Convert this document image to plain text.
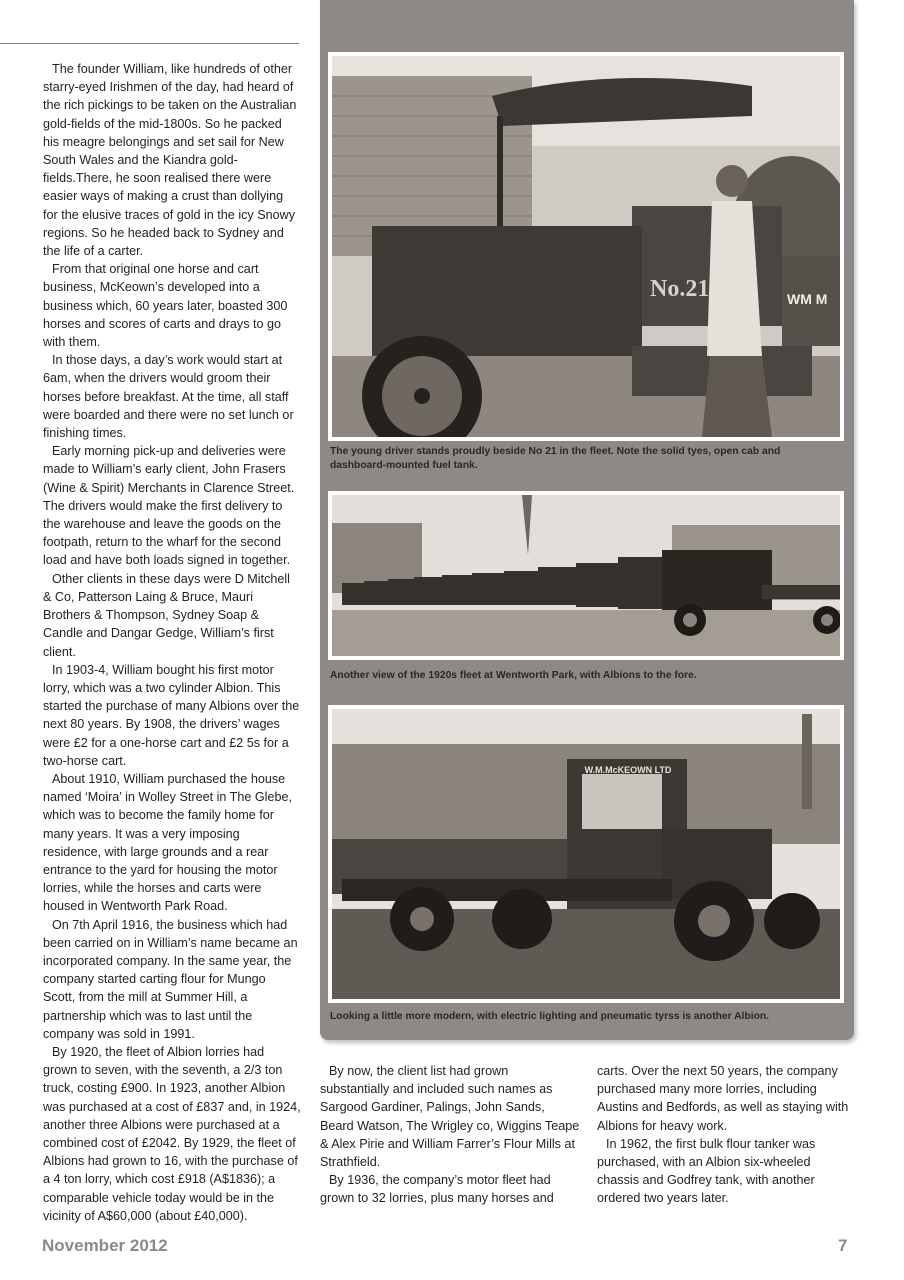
The founder William, like hundreds of other starry-eyed Irishmen of the day, had heard of the rich pickings to be taken on the Australian gold-fields of the mid-1800s. So he packed his meagre belongings and set sail for New South Wales and the Kiandra gold-fields.There, he soon realised there were easier ways of making a crust than dollying for the elusive traces of gold in the icy Snowy regions. So he headed back to Sydney and the life of a carter.

From that original one horse and cart business, McKeown’s developed into a business which, 60 years later, boasted 300 horses and scores of carts and drays to go with them.

In those days, a day’s work would start at 6am, when the drivers would groom their horses before breakfast. At the time, all staff were boarded and there were no set lunch or finishing times.

Early morning pick-up and deliveries were made to William’s early client, John Frasers (Wine & Spirit) Merchants in Clarence Street. The drivers would make the first delivery to the warehouse and leave the goods on the footpath, return to the wharf for the second load and have both loads signed in together.

Other clients in these days were D Mitchell & Co, Patterson Laing & Bruce, Mauri Brothers & Thompson, Sydney Soap & Candle and Dangar Gedge, William’s first client.

In 1903-4, William bought his first motor lorry, which was a two cylinder Albion. This started the purchase of many Albions over the next 80 years. By 1908, the drivers’ wages were £2 for a one-horse cart and £2 5s for a two-horse cart.

About 1910, William purchased the house named ‘Moira’ in Wolley Street in The Glebe, which was to become the family home for many years. It was a very imposing residence, with large grounds and a rear entrance to the yard for housing the motor lorries, while the horses and carts were housed in Wentworth Park Road.

On 7th April 1916, the business which had been carried on in William’s name became an incorporated company. In the same year, the company started carting flour for Mungo Scott, from the mill at Summer Hill, a partnership which was to last until the company was sold in 1991.

By 1920, the fleet of Albion lorries had grown to seven, with the seventh, a 2/3 ton truck, costing £900. In 1923, another Albion was purchased at a cost of £837 and, in 1924, another three Albions were purchased at a combined cost of £2042. By 1929, the fleet of Albions had grown to 16, with the purchase of a 4 ton lorry, which cost £918 (A$1836); a comparable vehicle today would be in the vicinity of A$60,000 (about £40,000).

No.21	WM M
The young driver stands proudly beside No 21 in the fleet. Note the solid tyes, open cab and dashboard-mounted fuel tank.
Another view of the 1920s fleet at Wentworth Park, with Albions to the fore.
W.M.McKEOWN LTD
Looking a little more modern, with electric lighting and pneumatic tyrss is another Albion.

By now, the client list had grown substantially and included such names as Sargood Gardiner, Palings, John Sands, Beard Watson, The Wrigley co, Wiggins Teape & Alex Pirie and William Farrer’s Flour Mills at Strathfield.

By 1936, the company’s motor fleet had grown to 32 lorries, plus many horses and

carts. Over the next 50 years, the company purchased many more lorries, including Austins and Bedfords, as well as staying with Albions for heavy work.

In 1962, the first bulk flour tanker was purchased, with an Albion six-wheeled chassis and Godfrey tank, with another ordered two years later.

November 2012	7
